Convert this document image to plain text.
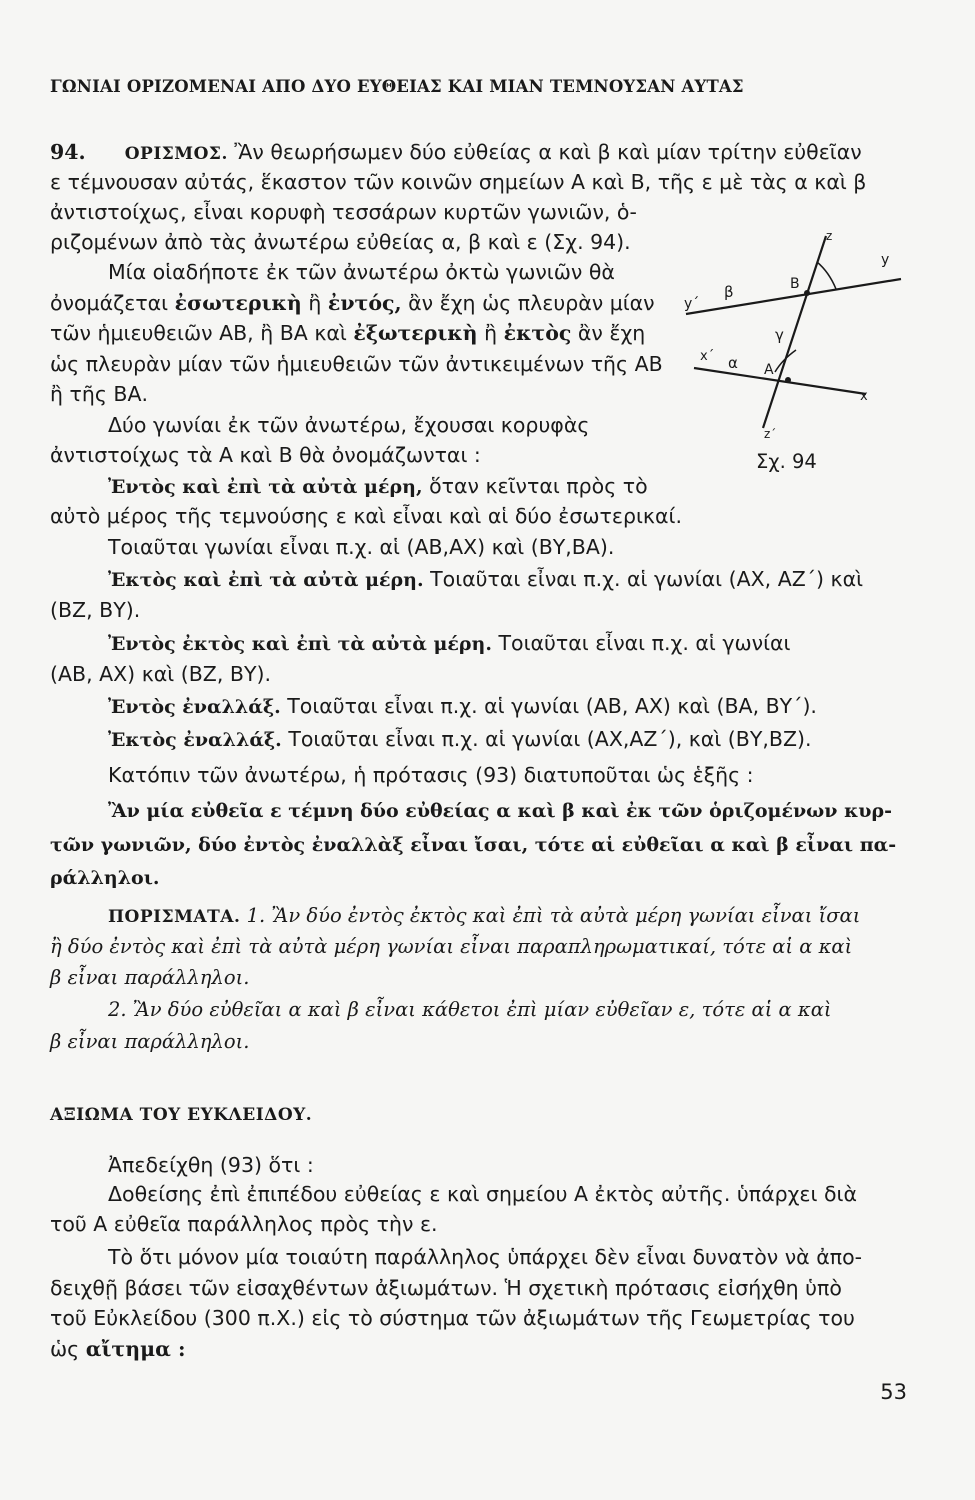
ΓΩΝΙΑΙ ΟΡΙΖΟΜΕΝΑΙ ΑΠΟ ΔΥΟ ΕΥΘΕΙΑΣ ΚΑΙ ΜΙΑΝ ΤΕΜΝΟΥΣΑΝ ΑΥΤΑΣ
94. ΟΡΙΣΜΟΣ. Ἂν θεωρήσωμεν δύο εὐθείας α καὶ β καὶ μίαν τρίτην εὐθεῖαν
ε τέμνουσαν αὐτάς, ἕκαστον τῶν κοινῶν σημείων Α καὶ Β, τῆς ε μὲ τὰς α καὶ β
ἀντιστοίχως, εἶναι κορυφὴ τεσσάρων κυρτῶν γωνιῶν, ὁ-
ριζομένων ἀπὸ τὰς ἀνωτέρω εὐθείας α, β καὶ ε (Σχ. 94).
Μία οἱαδήποτε ἐκ τῶν ἀνωτέρω ὀκτὼ γωνιῶν θὰ
ὀνομάζεται ἐσωτερικὴ ἢ ἐντός, ἂν ἔχη ὡς πλευρὰν μίαν
τῶν ἡμιευθειῶν ΑΒ, ἢ ΒΑ καὶ ἐξωτερικὴ ἢ ἐκτὸς ἂν ἔχη
ὡς πλευρὰν μίαν τῶν ἡμιευθειῶν τῶν ἀντικειμένων τῆς ΑΒ
ἢ τῆς ΒΑ.
Δύο γωνίαι ἐκ τῶν ἀνωτέρω, ἔχουσαι κορυφὰς
ἀντιστοίχως τὰ Α καὶ Β θὰ ὀνομάζωνται :
z
y
y΄
β	Β
γ
x΄ α Α
x
z΄
Σχ. 94
Ἐντὸς καὶ ἐπὶ τὰ αὐτὰ μέρη, ὅταν κεῖνται πρὸς τὸ
αὐτὸ μέρος τῆς τεμνούσης ε καὶ εἶναι καὶ αἱ δύο ἐσωτερικαί.
Τοιαῦται γωνίαι εἶναι π.χ. αἱ (ΑΒ,ΑΧ) καὶ (ΒΥ,ΒΑ).
Ἐκτὸς καὶ ἐπὶ τὰ αὐτὰ μέρη. Τοιαῦται εἶναι π.χ. αἱ γωνίαι (ΑΧ, ΑΖ΄) καὶ
(ΒΖ, ΒΥ).
Ἐντὸς ἐκτὸς καὶ ἐπὶ τὰ αὐτὰ μέρη. Τοιαῦται εἶναι π.χ. αἱ γωνίαι
(ΑΒ, ΑΧ) καὶ (ΒΖ, ΒΥ).
Ἐντὸς ἐναλλάξ. Τοιαῦται εἶναι π.χ. αἱ γωνίαι (ΑΒ, ΑΧ) καὶ (ΒΑ, ΒΥ΄).
Ἐκτὸς ἐναλλάξ. Τοιαῦται εἶναι π.χ. αἱ γωνίαι (ΑΧ,ΑΖ΄), καὶ (ΒΥ,ΒΖ).
Κατόπιν τῶν ἀνωτέρω, ἡ πρότασις (93) διατυποῦται ὡς ἑξῆς :
Ἂν μία εὐθεῖα ε τέμνη δύο εὐθείας α καὶ β καὶ ἐκ τῶν ὁριζομένων κυρ-
τῶν γωνιῶν, δύο ἐντὸς ἐναλλὰξ εἶναι ἴσαι, τότε αἱ εὐθεῖαι α καὶ β εἶναι πα-
ράλληλοι.
ΠΟΡΙΣΜΑΤΑ. 1. Ἂν δύο ἐντὸς ἐκτὸς καὶ ἐπὶ τὰ αὐτὰ μέρη γωνίαι εἶναι ἴσαι
ἢ δύο ἐντὸς καὶ ἐπὶ τὰ αὐτὰ μέρη γωνίαι εἶναι παραπληρωματικαί, τότε αἱ α καὶ
β εἶναι παράλληλοι.
2. Ἂν δύο εὐθεῖαι α καὶ β εἶναι κάθετοι ἐπὶ μίαν εὐθεῖαν ε, τότε αἱ α καὶ
β εἶναι παράλληλοι.
ΑΞΙΩΜΑ ΤΟΥ ΕΥΚΛΕΙΔΟΥ.
Ἀπεδείχθη (93) ὅτι :
Δοθείσης ἐπὶ ἐπιπέδου εὐθείας ε καὶ σημείου Α ἐκτὸς αὐτῆς. ὑπάρχει διὰ
τοῦ Α εὐθεῖα παράλληλος πρὸς τὴν ε.
Τὸ ὅτι μόνον μία τοιαύτη παράλληλος ὑπάρχει δὲν εἶναι δυνατὸν νὰ ἀπο-
δειχθῇ βάσει τῶν εἰσαχθέντων ἀξιωμάτων. Ἡ σχετικὴ πρότασις εἰσήχθη ὑπὸ
τοῦ Εὐκλείδου (300 π.Χ.) εἰς τὸ σύστημα τῶν ἀξιωμάτων τῆς Γεωμετρίας του
ὡς αἴτημα :
53
